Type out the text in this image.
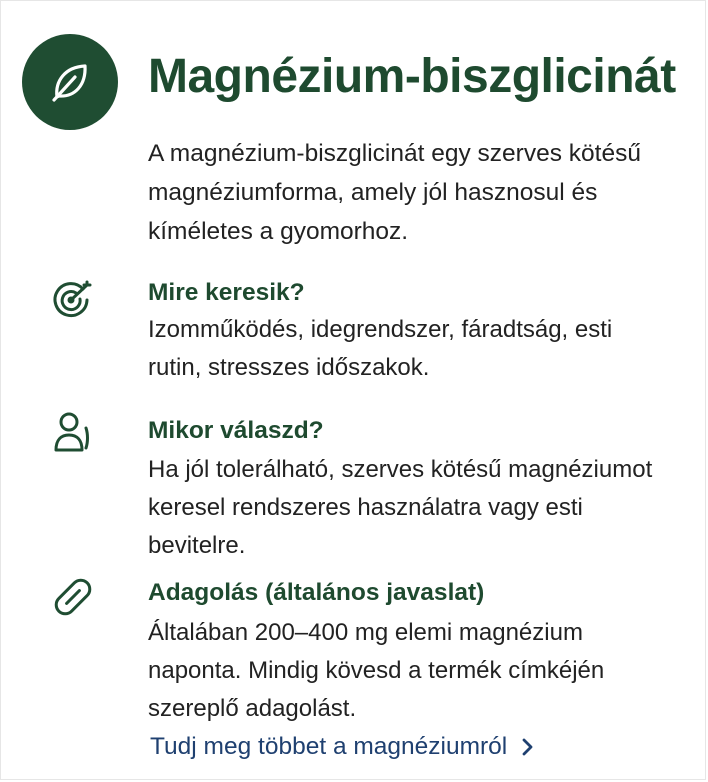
Magnézium-biszglicinát

A magnézium-biszglicinát egy szerves kötésű magnéziumforma, amely jól hasznosul és kíméletes a gyomorhoz.

Mire keresik?

Izomműködés, idegrendszer, fáradtság, esti rutin, stresszes időszakok.

Mikor válaszd?

Ha jól tolerálható, szerves kötésű magnéziumot keresel rendszeres használatra vagy esti bevitelre.

Adagolás (általános javaslat)

Általában 200–400 mg elemi magnézium naponta. Mindig kövesd a termék címkéjén szereplő adagolást.

Tudj meg többet a magnéziumról
